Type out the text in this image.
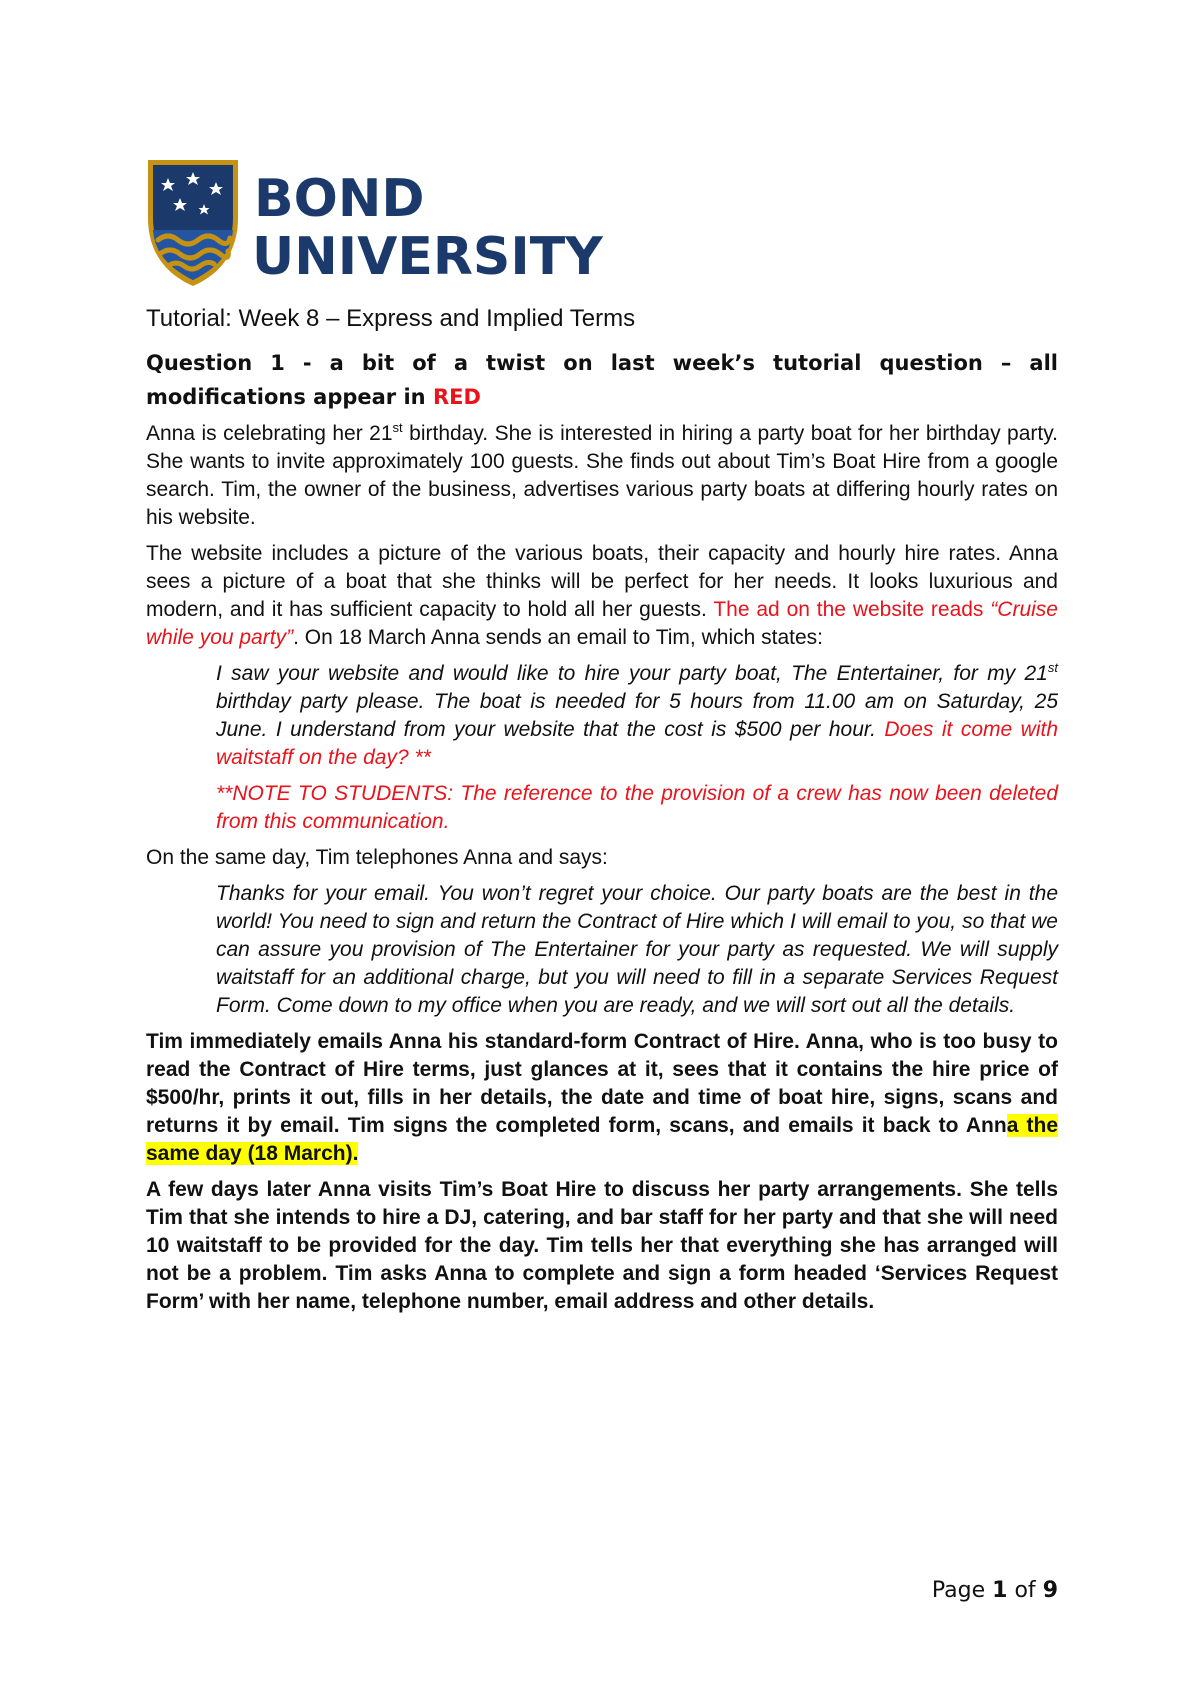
BOND
UNIVERSITY

Tutorial: Week 8 – Express and Implied Terms

Question 1 - a bit of a twist on last week’s tutorial question – all modifications appear in RED

Anna is celebrating her 21st birthday. She is interested in hiring a party boat for her birthday party. She wants to invite approximately 100 guests. She finds out about Tim’s Boat Hire from a google search. Tim, the owner of the business, advertises various party boats at differing hourly rates on his website.

The website includes a picture of the various boats, their capacity and hourly hire rates. Anna sees a picture of a boat that she thinks will be perfect for her needs. It looks luxurious and modern, and it has sufficient capacity to hold all her guests. The ad on the website reads “Cruise while you party”. On 18 March Anna sends an email to Tim, which states:

I saw your website and would like to hire your party boat, The Entertainer, for my 21st birthday party please. The boat is needed for 5 hours from 11.00 am on Saturday, 25 June. I understand from your website that the cost is $500 per hour. Does it come with waitstaff on the day? **

**NOTE TO STUDENTS: The reference to the provision of a crew has now been deleted from this communication.

On the same day, Tim telephones Anna and says:

Thanks for your email. You won’t regret your choice. Our party boats are the best in the world! You need to sign and return the Contract of Hire which I will email to you, so that we can assure you provision of The Entertainer for your party as requested. We will supply waitstaff for an additional charge, but you will need to fill in a separate Services Request Form. Come down to my office when you are ready, and we will sort out all the details.

Tim immediately emails Anna his standard-form Contract of Hire. Anna, who is too busy to read the Contract of Hire terms, just glances at it, sees that it contains the hire price of $500/hr, prints it out, fills in her details, the date and time of boat hire, signs, scans and returns it by email. Tim signs the completed form, scans, and emails it back to Anna the same day (18 March).

A few days later Anna visits Tim’s Boat Hire to discuss her party arrangements. She tells Tim that she intends to hire a DJ, catering, and bar staff for her party and that she will need 10 waitstaff to be provided for the day. Tim tells her that everything she has arranged will not be a problem. Tim asks Anna to complete and sign a form headed ‘Services Request Form’ with her name, telephone number, email address and other details.

Page 1 of 9
